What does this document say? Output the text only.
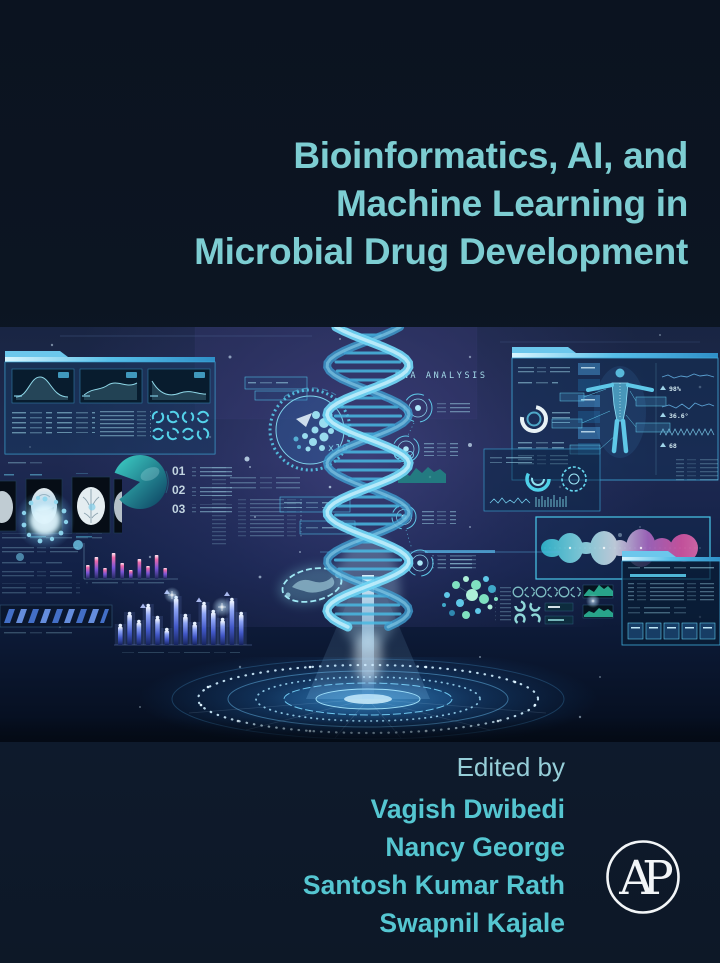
Bioinformatics, AI, and
Machine Learning in
Microbial Drug Development
01
02
03
x10
DNA ANALYSIS
98%
36.6°
68

Edited by

Vagish Dwibedi
Nancy George
Santosh Kumar Rath
Swapnil Kajale
AP
